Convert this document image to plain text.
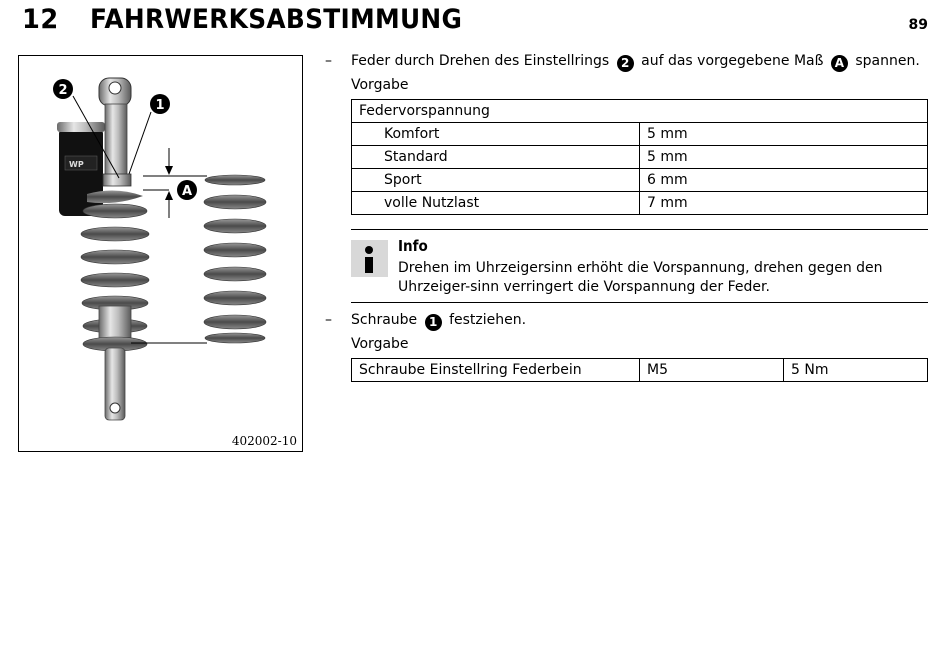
12 FAHRWERKSABSTIMMUNG	89
WP
2
1
A
402002-10
– Feder durch Drehen des Einstellrings 2 auf das vorgegebene Maß A spannen.
Vorgabe
Federvorspannung	
Komfort	5 mm
Standard	5 mm
Sport	6 mm
volle Nutzlast	7 mm
Info
Drehen im Uhrzeigersinn erhöht die Vorspannung, drehen gegen den Uhrzeiger-sinn verringert die Vorspannung der Feder.
– Schraube 1 festziehen.
Vorgabe
Schraube Einstellring Federbein	M5	5 Nm
